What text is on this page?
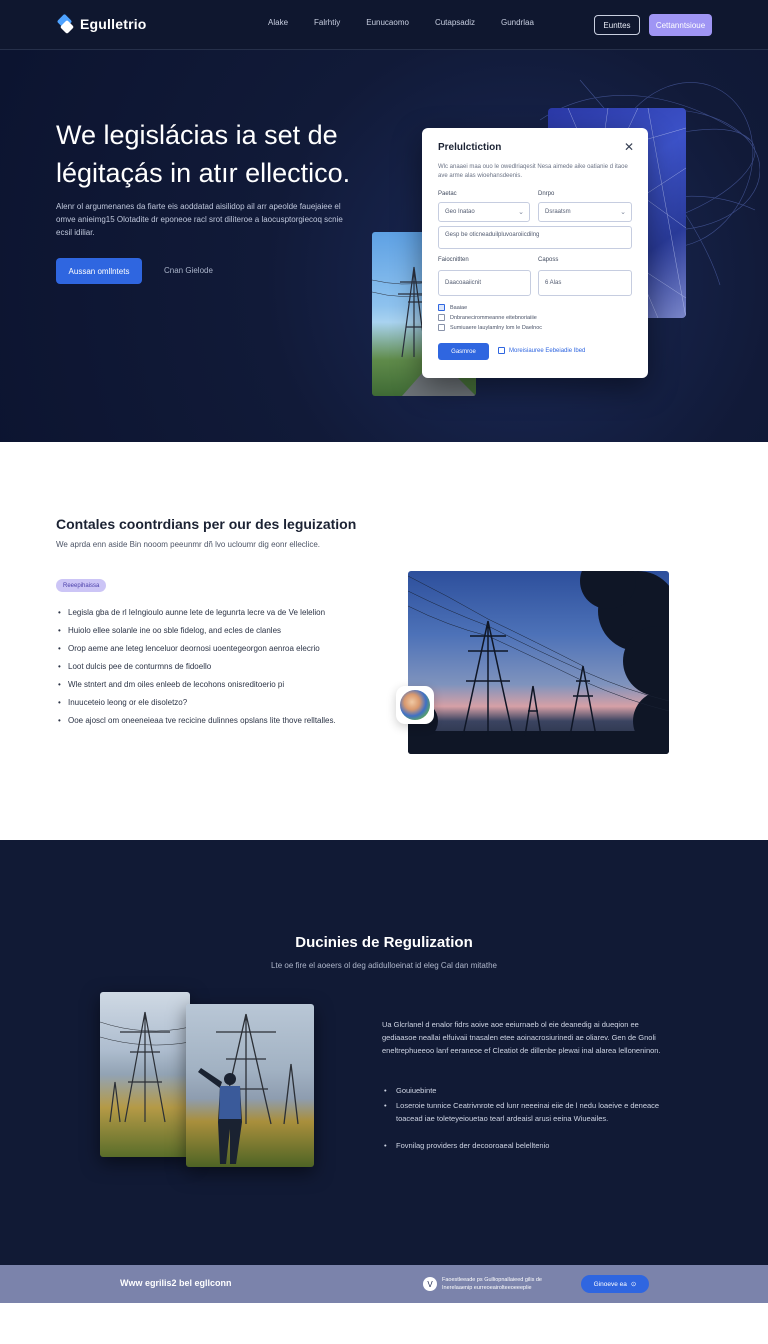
Egulletrio	Alake	Falrhtiy	Eunucaomo	Cutapsadiz	Gundrlaa	Eunttes	Cettanntsioue
We legislácias ia set de légitaçás in atır ellectico.

Alenr ol argumenanes da fiarte eis aoddatad aisilidop ail arr apeolde fauejaiee el omve anieimg15 Olotadite dr eponeoe racl srot diliteroe a laocusptorgiecoq scnie ecsil idiliar.

Aussan omllntets	Cnan Gielode
Prelulctiction	✕

Wlc anaaei maa ouo le owedlriaqesit Nesa aimede aike oatianie d itaoe ave arme alas wioehansdeenis.

Paetac	Dnrpo
Geo Inatao	⌄	Dsraatsm	⌄
Gesp be oticneaduilpluvoaroiicdilng
Faiocnitlten	Caposs
Daacoaaiicnit	6 Alas
Baaiae
Dnbranecirommeanne eitebnoriaiiie
Sumiuaere lauylamlny lom le Daelnoc
Gasmroe	Moreisiauree Eebeiadie Ibed
Contales coontrdians per our des leguization

We aprda enn aside Bin nooom peeunmr dñ lvo ucloumr dig eonr elleclice.

Reeepihaissa
• Legisla gba de rl leIngioulo aunne lete de legunrta lecre va de Ve lelelion
• Huiolo ellee solanle ine oo sble fidelog, and ecles de clanles
• Orop aeme ane leteg lenceluor deornosi uoentegeorgon aenroa elecrio
• Loot dulcis pee de conturmns de fidoello
• Wle stntert and dm oiles enleeb de lecohons onisreditoerio pi
• Inuuceteio leong or ele disoletzo?
• Ooe ajoscl om oneeneieaa tve recicine dulinnes opslans lite thove relltalles.
Ducinies de Regulization

Lte oe fire el aoeers ol deg adidulloeinat id eleg Cal dan mitathe

Ua Glcrlanel d enalor fidrs aoive aoe eeiurnaeb ol eie deanedig ai dueqion ee gediaasoe neallai elfuivaii tnasalen etee aoinacrosiurinedi ae oliarev. Gen de Gnoli eneltrephueeoo lanf eeraneoe ef Cleatiot de dillenbe plewai inal alarea lelloneninon.

• Gouiuebinte
• Loseroie tunnice Ceatrivnrote ed lunr neeeinai eiie de l nedu loaeive e deneace toacead iae toleteyeiouetao tearl ardeaisl arusi eeina Wiueailes.
• Fovnilag providers der decooroaeal belelltenio
Www egrilis2 bel egllconn	V	Faoestleeade ps Gulliopnallaieed gilis de Inerelaaenip eurreoeairolteeoeeeplie
Ginoeve ea ⊙
